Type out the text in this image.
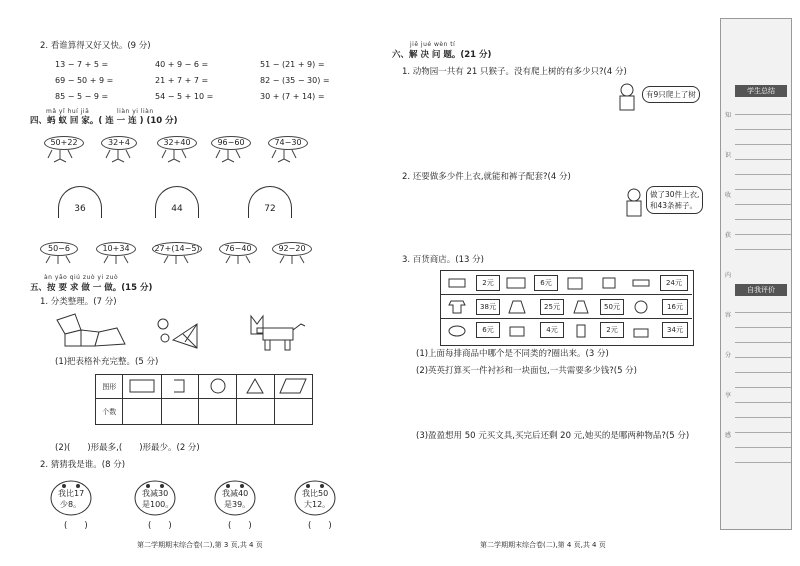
2. 看谁算得又好又快。(9 分)
13 − 7 + 5 =	40 + 9 − 6 =	51 − (21 + 9) =
69 − 50 + 9 =	21 + 7 + 7 =	82 − (35 − 30) =
85 − 5 − 9 =	54 − 5 + 10 =	30 + (7 + 14) =
mǎ yǐ huí jiā	liàn yi liàn
四、蚂 蚁 回 家。( 连 一 连 ) (10 分)
50+22	32+4	32+40	96−60	74−30
36	44	72
50−6	10+34	27+(14−5)	76−40	92−20
àn yāo qiú zuò yi zuò
五、按 要 求 做 一 做。(15 分)
1. 分类整理。(7 分)
(1)把表格补充完整。(5 分)
图形					
个数					
(2)(　　)形最多,(　　)形最少。(2 分)
2. 猜猜我是谁。(8 分)
我比17
少8。
(　　)
我减30
是100。
(　　)
我减40
是39。
(　　)
我比50
大12。
(　　)
第二学期期末综合卷(二),第 3 页,共 4 页
jiě jué wèn tí
六、解 决 问 题。(21 分)
1. 动物园一共有 21 只猴子。没有爬上树的有多少只?(4 分)
有9只爬上了树
2. 还要做多少件上衣,就能和裤子配套?(4 分)
做了30件上衣,
和43条裤子。
3. 百货商店。(13 分)
2元	6元	24元
38元	25元	50元	16元
6元	4元	2元	34元
(1)上面每排商品中哪个是不同类的?圈出来。(3 分)
(2)英英打算买一件衬衫和一块面包,一共需要多少钱?(5 分)
(3)盈盈想用 50 元买文具,买完后还剩 20 元,她买的是哪两种物品?(5 分)
第二学期期末综合卷(二),第 4 页,共 4 页
学生总结
自我评价
知
识
收
获
内
容
分
享
感
